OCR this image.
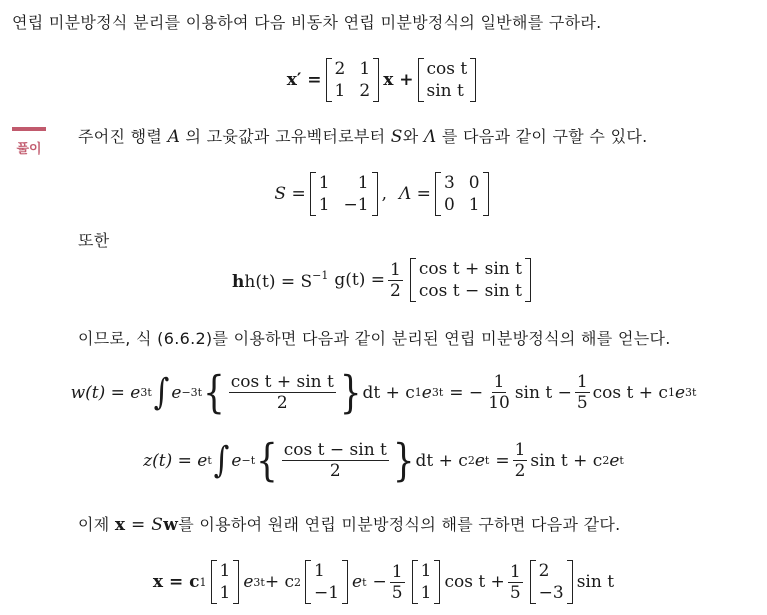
연립 미분방정식 분리를 이용하여 다음 비동차 연립 미분방정식의 일반해를 구하라.
x′ =
2 1
1 2
x +
cos t
sin t
풀이
주어진 행렬 A 의 고윳값과 고유벡터로부터 S와 Λ 를 다음과 같이 구할 수 있다.
S =
1 1
1 −1
, Λ =
3 0
0 1
또한
$hh(t) = S^{-1}$ $g(t) = \frac{1}{2}$ cos t + sin t
cos t − sin t
이므로, 식 (6.6.2)를 이용하면 다음과 같이 분리된 연립 미분방정식의 해를 얻는다.
w(t) = e 3t ∫ e −3t { $\frac{\text{cos t + sin t}}{2}$ } dt + c 1 e 3t = − $\frac{1}{10}$ $\sin t - \frac{1}{5}$ cos t + c 1 e 3t
z(t) = e t ∫ e −t { $\frac{\text{cos t − sin t}}{2}$ } dt + c 2 e $t = \frac{1}{2}$ sin t + c 2 e t
이제 x = Sw를 이용하여 원래 연립 미분방정식의 해를 구하면 다음과 같다.
x = c 1
1
1
e 3t + c 2
1
−1
e $t - \frac{1}{5} 1$
1
$\cos t + \frac{1}{5} 2$
−3
sin t
